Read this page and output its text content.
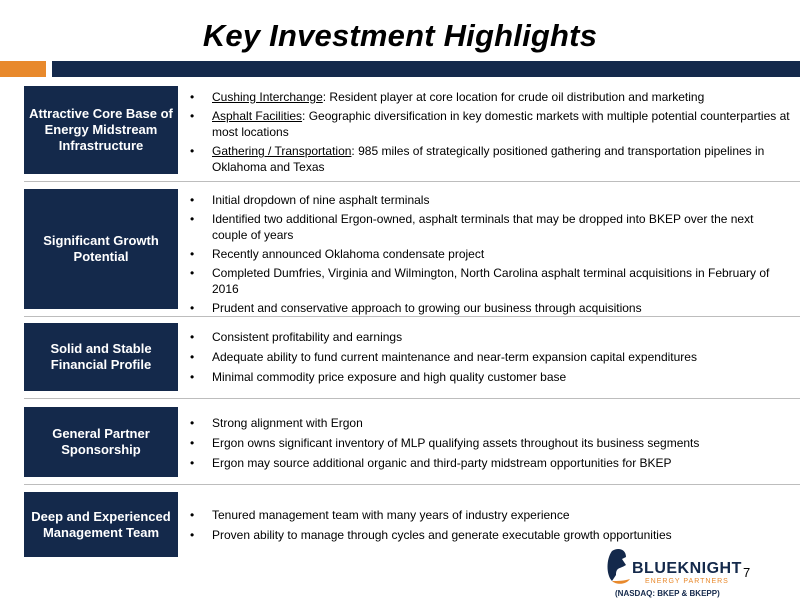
Key Investment Highlights
Attractive Core Base of Energy Midstream Infrastructure
• Cushing Interchange: Resident player at core location for crude oil distribution and marketing
• Asphalt Facilities: Geographic diversification in key domestic markets with multiple potential counterparties at most locations
• Gathering / Transportation: 985 miles of strategically positioned gathering and transportation pipelines in Oklahoma and Texas
Significant Growth Potential
• Initial dropdown of nine asphalt terminals
• Identified two additional Ergon-owned, asphalt terminals that may be dropped into BKEP over the next couple of years
• Recently announced Oklahoma condensate project
• Completed Dumfries, Virginia and Wilmington, North Carolina asphalt terminal acquisitions in February of 2016
• Prudent and conservative approach to growing our business through acquisitions
Solid and Stable Financial Profile
• Consistent profitability and earnings
• Adequate ability to fund current maintenance and near-term expansion capital expenditures
• Minimal commodity price exposure and high quality customer base
General Partner Sponsorship
• Strong alignment with Ergon
• Ergon owns significant inventory of MLP qualifying assets throughout its business segments
• Ergon may source additional organic and third-party midstream opportunities for BKEP
Deep and Experienced Management Team
• Tenured management team with many years of industry experience
• Proven ability to manage through cycles and generate executable growth opportunities
BLUEKNIGHT
ENERGY PARTNERS
(NASDAQ: BKEP & BKEPP)
7
